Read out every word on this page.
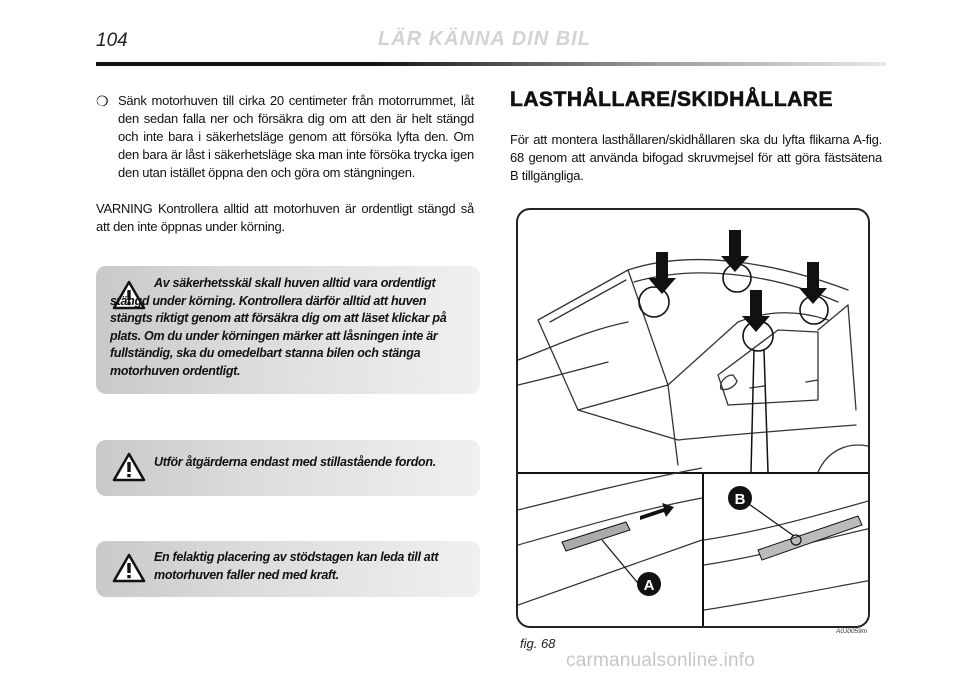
104	LÄR KÄNNA DIN BIL
❍ Sänk motorhuven till cirka 20 centimeter från motorrummet, låt den sedan falla ner och försäkra dig om att den är helt stängd och inte bara i säkerhetsläge genom att försöka lyfta den. Om den bara är låst i säkerhetsläge ska man inte försöka trycka igen den utan istället öppna den och göra om stängningen.
VARNING Kontrollera alltid att motorhuven är ordentligt stängd så att den inte öppnas under körning.
Av säkerhetsskäl skall huven alltid vara ordentligt stängd under körning. Kontrollera därför alltid att huven stängts riktigt genom att försäkra dig om att läset klickar på plats. Om du under körningen märker att låsningen inte är fullständig, ska du omedelbart stanna bilen och stänga motorhuven ordentligt.
Utför åtgärderna endast med stillastående fordon.
En felaktig placering av stödstagen kan leda till att motorhuven faller ned med kraft.
LASTHÅLLARE/SKIDHÅLLARE
För att montera lasthållaren/skidhållaren ska du lyfta flikarna A-fig. 68 genom att använda bifogad skruvmejsel för att göra fästsätena B tillgängliga.
A
B
fig. 68
A0J0059m
carmanualsonline.info
